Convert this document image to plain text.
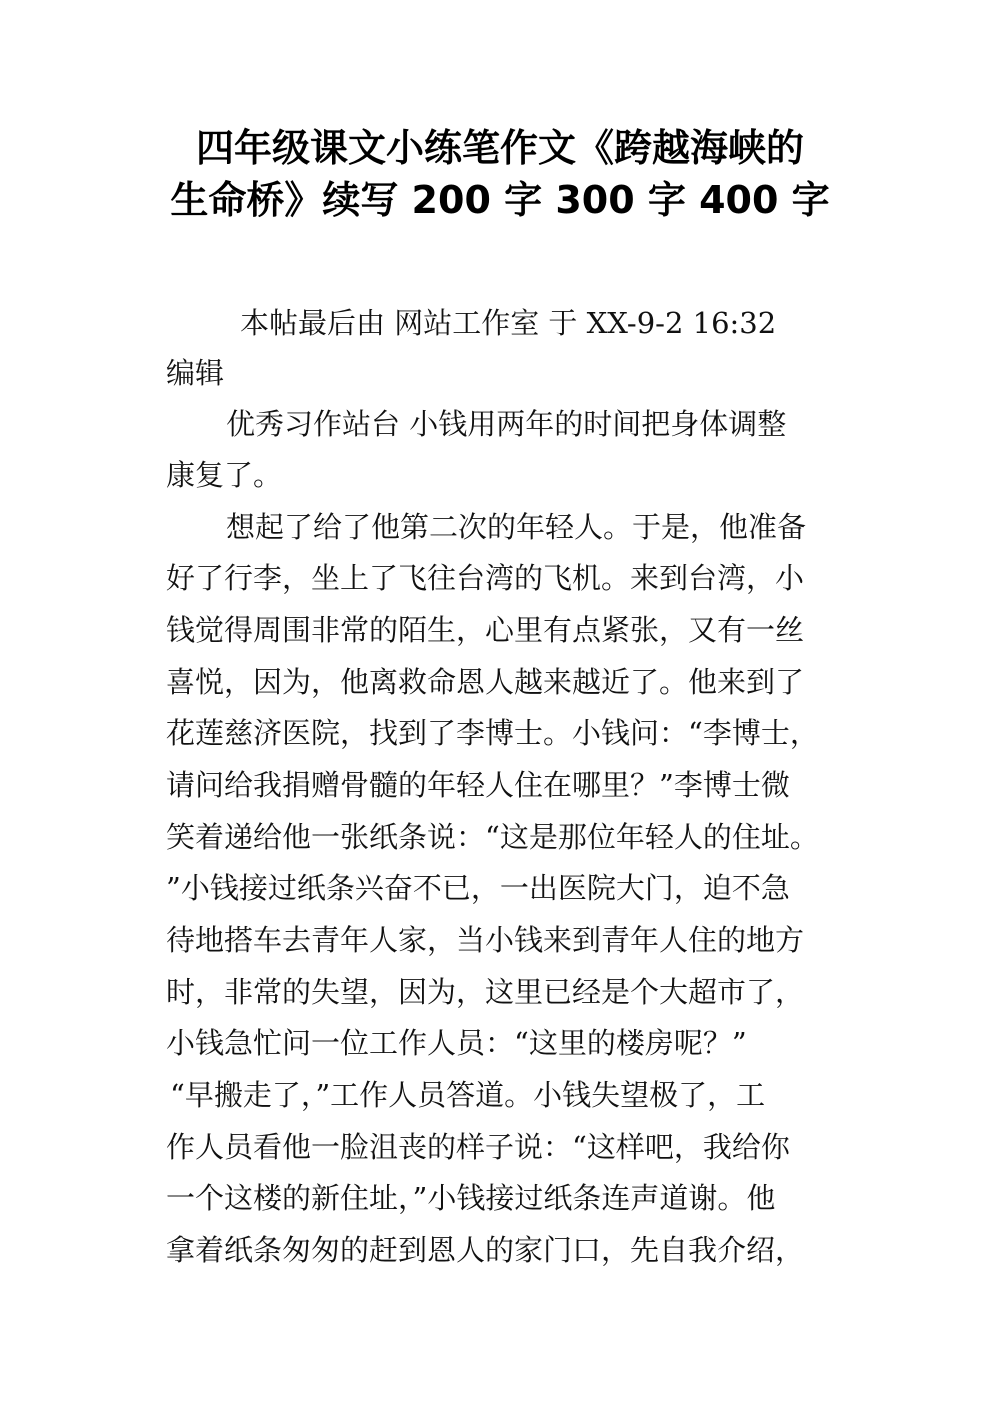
四年级课文小练笔作文《跨越海峡的
生命桥》续写 200 字 300 字 400 字
本帖最后由 网站工作室 于 XX-9-2 16:32
编辑
优秀习作站台 小钱用两年的时间把身体调整
康复了。
想起了给了他第二次的年轻人。于是，他准备
好了行李，坐上了飞往台湾的飞机。来到台湾，小
钱觉得周围非常的陌生，心里有点紧张，又有一丝
喜悦，因为，他离救命恩人越来越近了。他来到了
花莲慈济医院，找到了李博士。小钱问：“李博士，
请问给我捐赠骨髓的年轻人住在哪里？”李博士微
笑着递给他一张纸条说：“这是那位年轻人的住址。
”小钱接过纸条兴奋不已，一出医院大门，迫不急
待地搭车去青年人家，当小钱来到青年人住的地方
时，非常的失望，因为，这里已经是个大超市了，
小钱急忙问一位工作人员：“这里的楼房呢？”
“早搬走了，”工作人员答道。小钱失望极了，工
作人员看他一脸沮丧的样子说：“这样吧，我给你
一个这楼的新住址，”小钱接过纸条连声道谢。他
拿着纸条匆匆的赶到恩人的家门口，先自我介绍，
